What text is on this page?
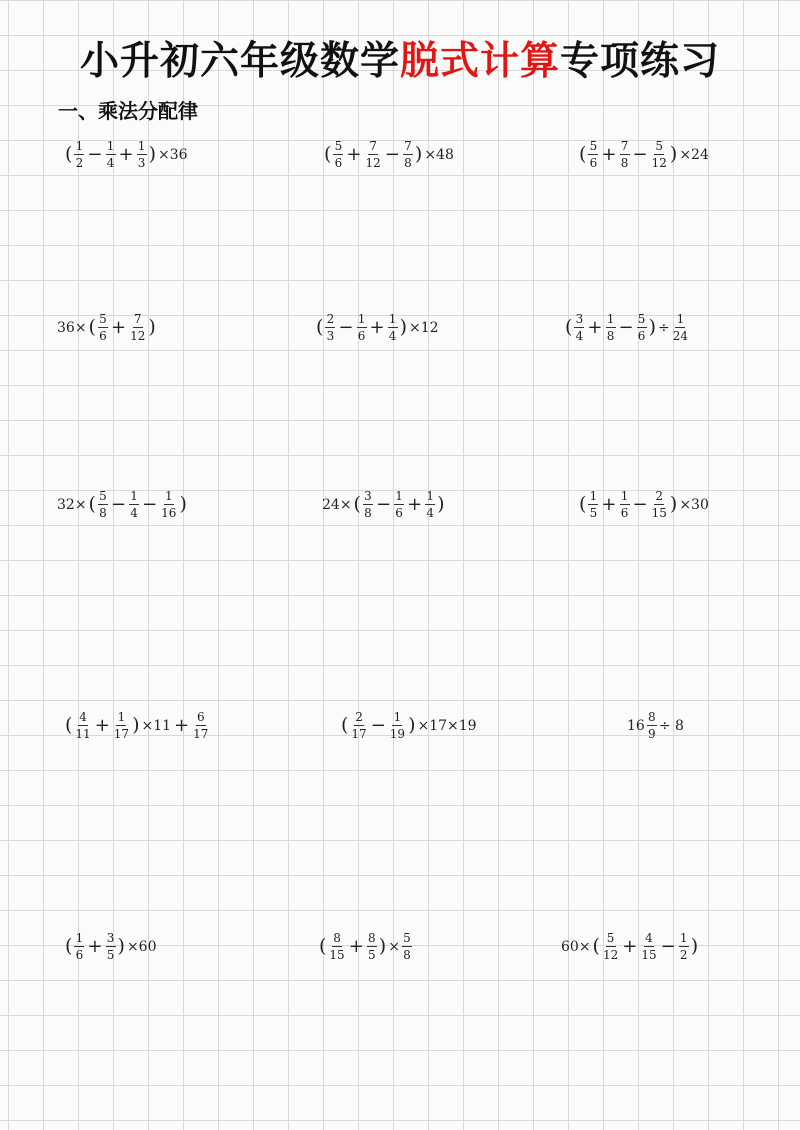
小升初六年级数学脱式计算专项练习
一、乘法分配律
( $\frac{1}{2} - \frac{1}{4} + \frac{1}{3}$ ) ×36	( $\frac{5}{6} + \frac{7}{12} - \frac{7}{8}$ ) ×48	( $\frac{5}{6} + \frac{7}{8} - \frac{5}{12}$ ) ×24
36× ( $\frac{5}{6} + \frac{7}{12}$ )	( $\frac{2}{3} - \frac{1}{6} + \frac{1}{4}$ ) ×12	( $\frac{3}{4} + \frac{1}{8} - \frac{5}{6}$ ) ÷ $\frac{1}{24}$
32× ( $\frac{5}{8} - \frac{1}{4} - \frac{1}{16}$ )	24× ( $\frac{3}{8} - \frac{1}{6} + \frac{1}{4}$ )	( $\frac{1}{5} + \frac{1}{6} - \frac{2}{15}$ ) ×30
( $\frac{4}{11} + \frac{1}{17}$ ) $\times 11 + \frac{6}{17}$	( $\frac{2}{17} - \frac{1}{19}$ ) ×17×19	$16 \frac{8}{9} \div 8$
( $\frac{1}{6} + \frac{3}{5}$ ) ×60	( $\frac{8}{15} + \frac{8}{5}$ ) × $\frac{5}{8}$	60× ( $\frac{5}{12} + \frac{4}{15} - \frac{1}{2}$ )
